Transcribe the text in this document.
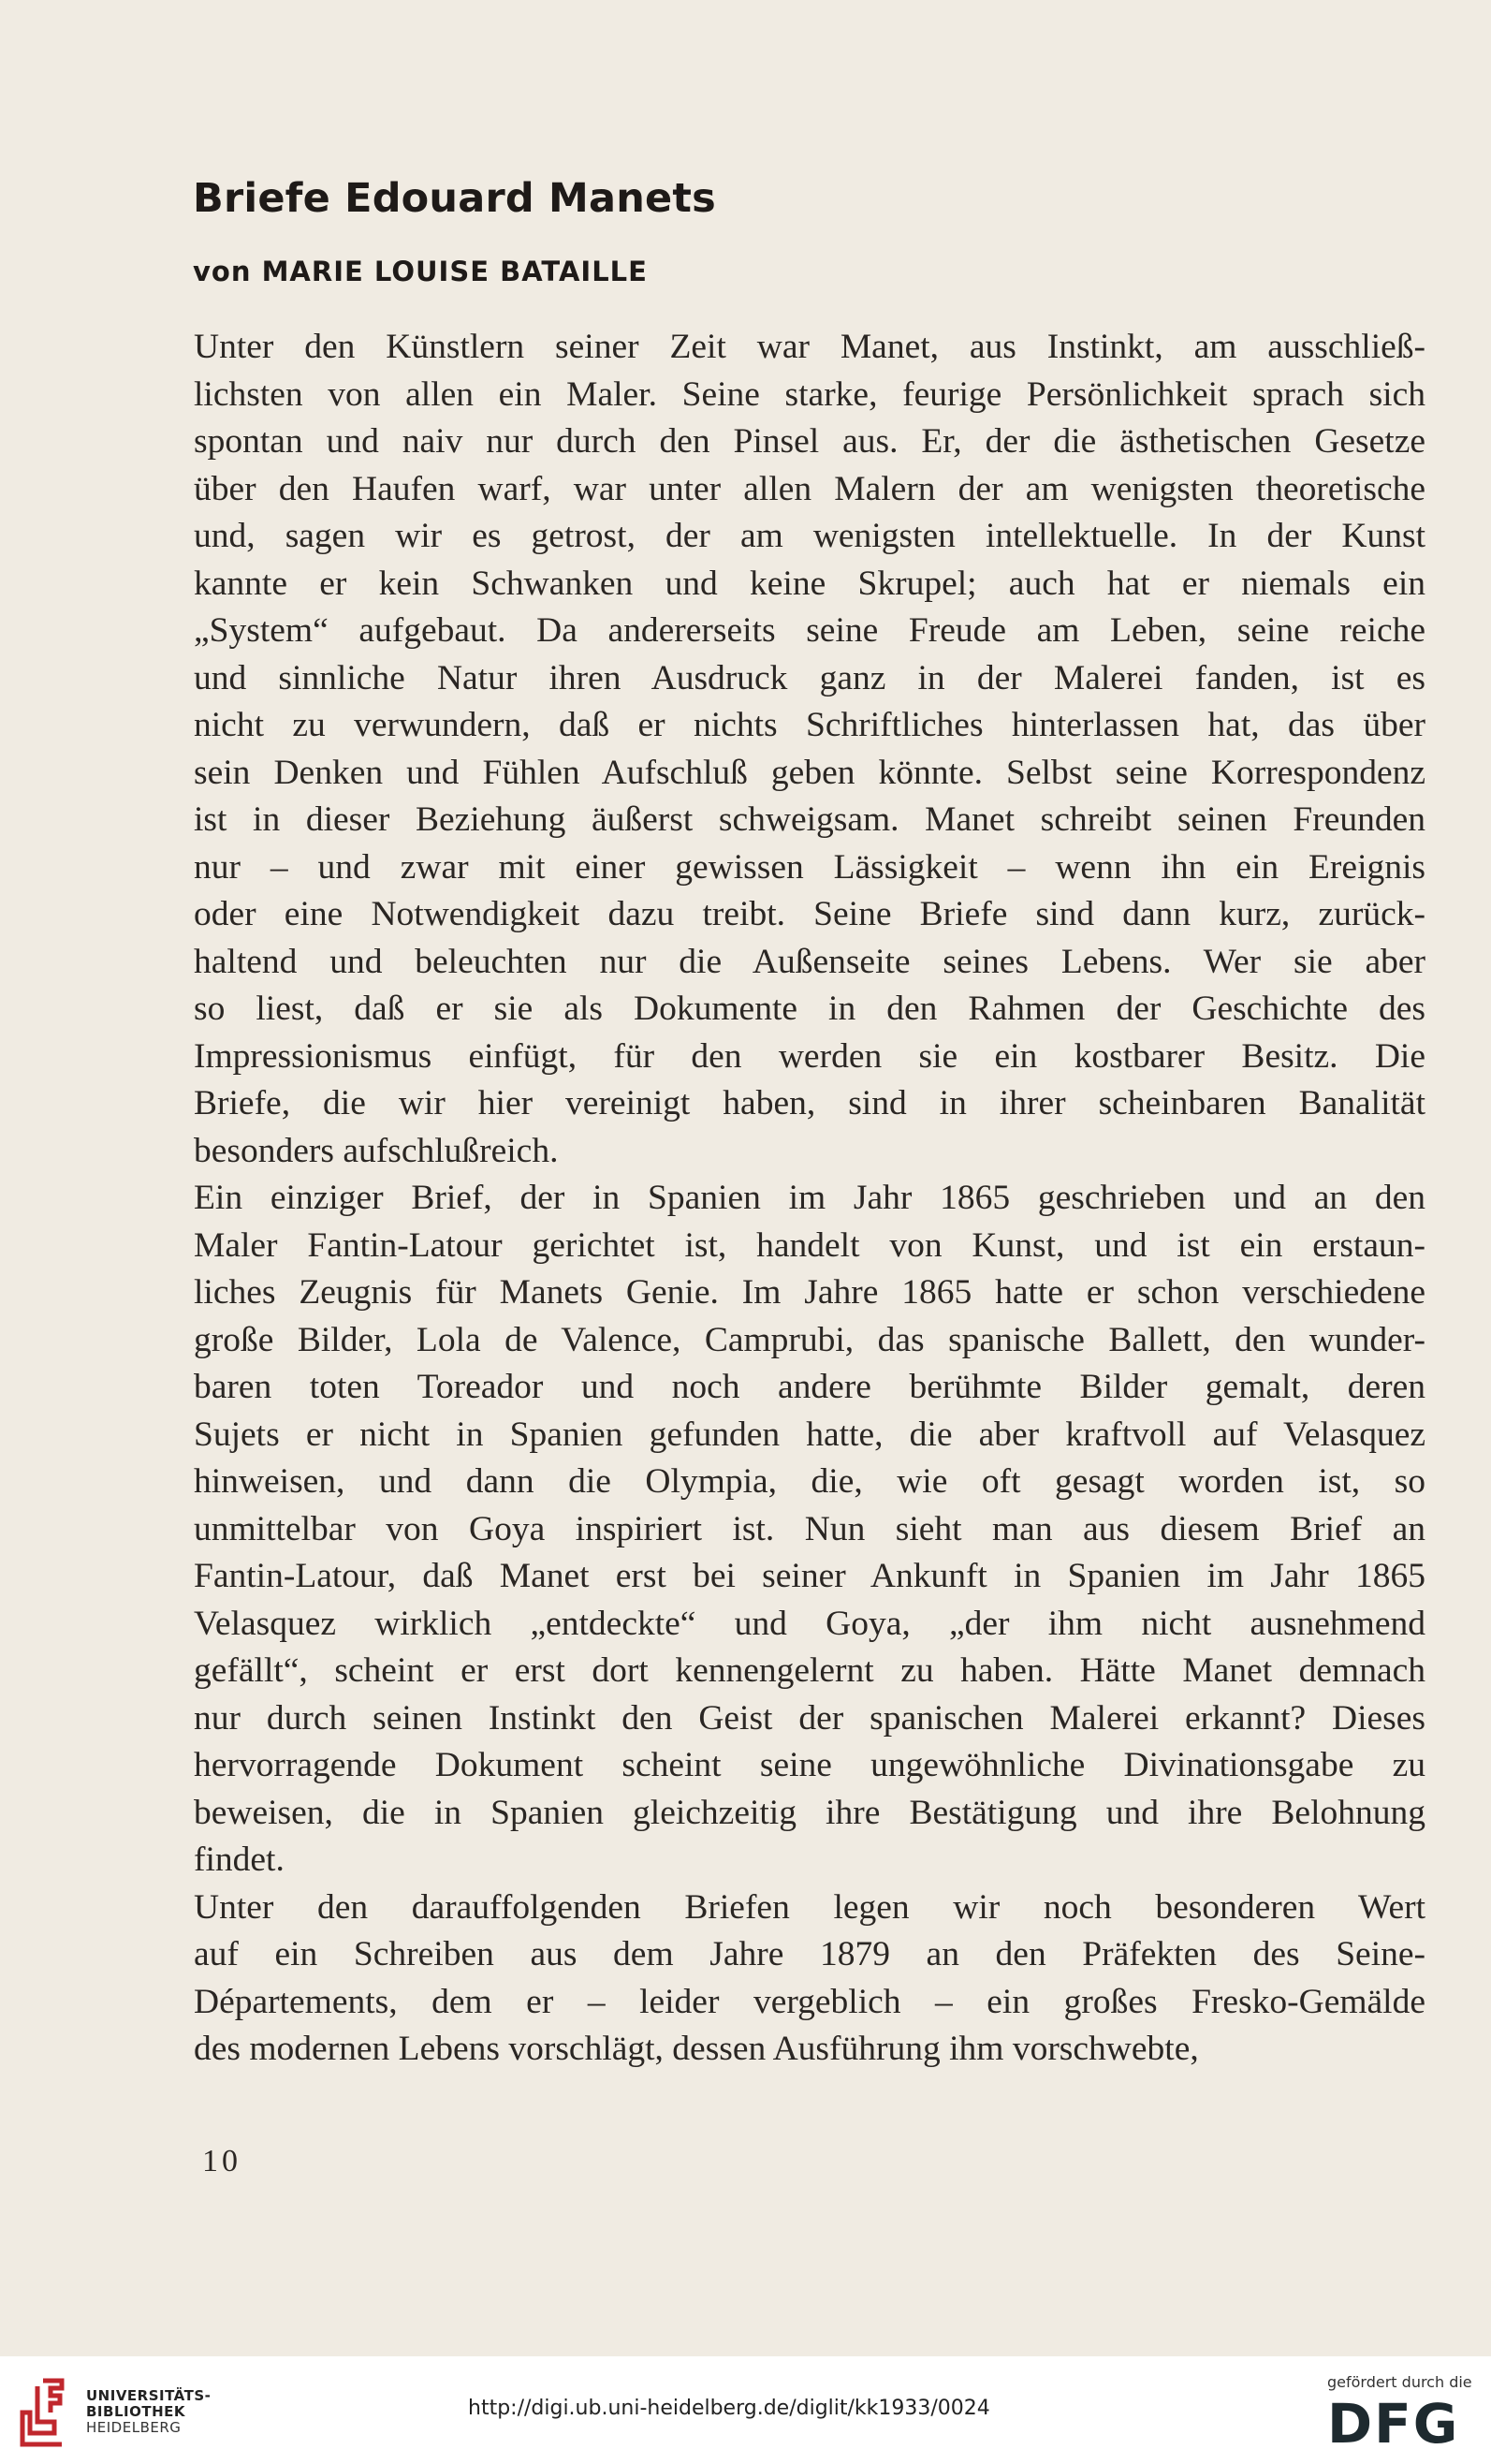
Briefe Edouard Manets
von MARIE LOUISE BATAILLE
Unter den Künstlern seiner Zeit war Manet, aus Instinkt, am ausschließ-
lichsten von allen ein Maler. Seine starke, feurige Persönlichkeit sprach sich
spontan und naiv nur durch den Pinsel aus. Er, der die ästhetischen Gesetze
über den Haufen warf, war unter allen Malern der am wenigsten theoretische
und, sagen wir es getrost, der am wenigsten intellektuelle. In der Kunst
kannte er kein Schwanken und keine Skrupel; auch hat er niemals ein
„System“ aufgebaut. Da andererseits seine Freude am Leben, seine reiche
und sinnliche Natur ihren Ausdruck ganz in der Malerei fanden, ist es
nicht zu verwundern, daß er nichts Schriftliches hinterlassen hat, das über
sein Denken und Fühlen Aufschluß geben könnte. Selbst seine Korrespondenz
ist in dieser Beziehung äußerst schweigsam. Manet schreibt seinen Freunden
nur – und zwar mit einer gewissen Lässigkeit – wenn ihn ein Ereignis
oder eine Notwendigkeit dazu treibt. Seine Briefe sind dann kurz, zurück-
haltend und beleuchten nur die Außenseite seines Lebens. Wer sie aber
so liest, daß er sie als Dokumente in den Rahmen der Geschichte des
Impressionismus einfügt, für den werden sie ein kostbarer Besitz. Die
Briefe, die wir hier vereinigt haben, sind in ihrer scheinbaren Banalität
besonders aufschlußreich.
Ein einziger Brief, der in Spanien im Jahr 1865 geschrieben und an den
Maler Fantin-Latour gerichtet ist, handelt von Kunst, und ist ein erstaun-
liches Zeugnis für Manets Genie. Im Jahre 1865 hatte er schon verschiedene
große Bilder, Lola de Valence, Camprubi, das spanische Ballett, den wunder-
baren toten Toreador und noch andere berühmte Bilder gemalt, deren
Sujets er nicht in Spanien gefunden hatte, die aber kraftvoll auf Velasquez
hinweisen, und dann die Olympia, die, wie oft gesagt worden ist, so
unmittelbar von Goya inspiriert ist. Nun sieht man aus diesem Brief an
Fantin-Latour, daß Manet erst bei seiner Ankunft in Spanien im Jahr 1865
Velasquez wirklich „entdeckte“ und Goya, „der ihm nicht ausnehmend
gefällt“, scheint er erst dort kennengelernt zu haben. Hätte Manet demnach
nur durch seinen Instinkt den Geist der spanischen Malerei erkannt? Dieses
hervorragende Dokument scheint seine ungewöhnliche Divinationsgabe zu
beweisen, die in Spanien gleichzeitig ihre Bestätigung und ihre Belohnung
findet.
Unter den darauffolgenden Briefen legen wir noch besonderen Wert
auf ein Schreiben aus dem Jahre 1879 an den Präfekten des Seine-
Départements, dem er – leider vergeblich – ein großes Fresko-Gemälde
des modernen Lebens vorschlägt, dessen Ausführung ihm vorschwebte,
10
UNIVERSITÄTS-
BIBLIOTHEK
HEIDELBERG
http://digi.ub.uni-heidelberg.de/diglit/kk1933/0024
gefördert durch die
DFG
